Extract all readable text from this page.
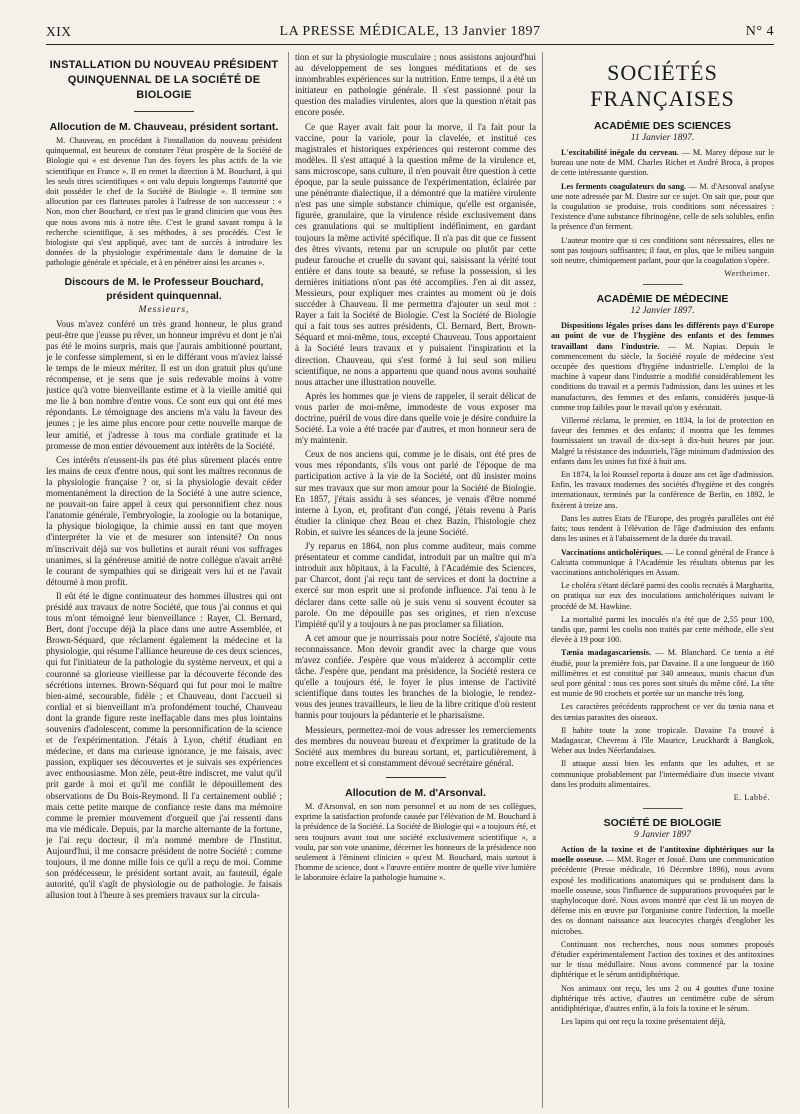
XIX	LA PRESSE MÉDICALE, 13 Janvier 1897	N° 4
INSTALLATION DU NOUVEAU PRÉSIDENT QUINQUENNAL DE LA SOCIÉTÉ DE BIOLOGIE
Allocution de M. Chauveau, président sortant.

M. Chauveau, en procédant à l'installation du nouveau président quinquennal, est heureux de constater l'état prospère de la Société de Biologie qui « est devenue l'un des foyers les plus actifs de la vie scientifique en France ». Il en remet la direction à M. Bouchard, à qui les seuls titres scientifiques « ont valu depuis longtemps l'autorité que doit posséder le chef de la Société de Biologie ». Il termine son allocution par ces flatteuses paroles à l'adresse de son successeur : « Non, mon cher Bouchard, ce n'est pas le grand clinicien que vous êtes que nous avons mis à notre tête. C'est le grand savant rompu à la recherche scientifique, à ses méthodes, à ses procédés. C'est le biologiste qui s'est appliqué, avec tant de succès à introduire les données de la physiologie expérimentale dans le domaine de la pathologie générale et spéciale, et à en pénétrer ainsi les arcanes ».

Discours de M. le Professeur Bouchard, président quinquennal.
Messieurs,

Vous m'avez conféré un très grand honneur, le plus grand peut-être que j'eusse pu rêver, un honneur imprévu et dont je n'ai pas été le moins surpris, mais que j'aurais ambitionné pourtant, je le confesse simplement, si en le différant vous m'aviez laissé le temps de le mieux mériter. Il est un don gratuit plus qu'une récompense, et je sens que je suis redevable moins à votre justice qu'à votre bienveillante estime et à la vieille amitié qui me lie à bon nombre d'entre vous. Ce sont eux qui ont été mes répondants. Le témoignage des anciens m'a valu la faveur des jeunes ; je les aime plus encore pour cette nouvelle marque de leur amitié, et j'adresse à tous ma cordiale gratitude et la promesse de mon entier dévouement aux intérêts de la Société.

Ces intérêts n'eussent-ils pas été plus sûrement placés entre les mains de ceux d'entre nous, qui sont les maîtres reconnus de la physiologie française ? or, si la physiologie devait céder momentanément la direction de la Société à une autre science, ne pouvait-on faire appel à ceux qui personnifient chez nous l'anatomie générale, l'embryologie, la zoologie ou la botanique, la physique biologique, la chimie aussi en tant que moyen d'interpréter la vie et de mesurer son intensité? On nous m'inscrivait déjà sur vos bulletins et aurait réuni vos suffrages unanimes, si la généreuse amitié de notre collègue n'avait arrêté le courant de sympathies qui se dirigeait vers lui et ne l'avait détourné à mon profit.

Il eût été le digne continuateur des hommes illustres qui ont présidé aux travaux de notre Société, que tous j'ai connus et qui tous m'ont témoigné leur bienveillance : Rayer, Cl. Bernard, Bert, dont j'occupe déjà la place dans une autre Assemblée, et Brown-Séquard, que réclament également la médecine et la physiologie, qui résume l'alliance heureuse de ces deux sciences, qui fut l'initiateur de la pathologie du système nerveux, et qui a couronné sa glorieuse vieillesse par la découverte féconde des sécrétions internes. Brown-Séquard qui fut pour moi le maître bien-aimé, secourable, fidèle ; et Chauveau, dont l'accueil si cordial et si bienveillant m'a profondément touché, Chauveau dont la grande figure reste ineffaçable dans mes plus lointains souvenirs d'adolescent, comme la personnification de la science et de l'expérimentation. J'étais à Lyon, chétif étudiant en médecine, et dans ma curieuse ignorance, je me faisais, avec passion, expliquer ses découvertes et je suivais ses expériences avec enthousiasme. Mon zèle, peut-être indiscret, me valut qu'il prit garde à moi et qu'il me confiât le dépouillement des observations de Du Bois-Reymond. Il l'a certainement oublié ; mais cette petite marque de confiance reste dans ma mémoire comme le premier mouvement d'orgueil que j'ai ressenti dans ma vie médicale. Depuis, par la marche alternante de la fortune, je l'ai reçu docteur, il m'a nommé membre de l'Institut. Aujourd'hui, il me consacre président de notre Société : comme toujours, il me donne mille fois ce qu'il a reçu de moi. Comme son prédécesseur, le président sortant avait, au fauteuil, égale autorité, qu'il s'agît de physiologie ou de pathologie. Je faisais allusion tout à l'heure à ses premiers travaux sur la circula-

tion et sur la physiologie musculaire ; nous assistons aujourd'hui au développement de ses longues méditations et de ses innombrables expériences sur la nutrition. Entre temps, il a été un initiateur en pathologie générale. Il s'est passionné pour la question des maladies virulentes, alors que la question n'était pas encore posée.

Ce que Rayer avait fait pour la morve, il l'a fait pour la vaccine, pour la variole, pour la clavelée, et institué ces magistrales et historiques expériences qui resteront comme des modèles. Il s'est attaqué à la question même de la virulence et, sans microscope, sans culture, il n'en pouvait être question à cette époque, par la seule puissance de l'expérimentation, éclairée par une pénétrante dialectique, il a démontré que la matière virulente n'est pas une simple substance chimique, qu'elle est organisée, figurée, granulaire, que la virulence réside exclusivement dans ces granulations qui se multiplient indéfiniment, en gardant toujours la même activité spécifique. Il n'a pas dit que ce fussent des êtres vivants, retenu par un scrupule ou plutôt par cette pudeur farouche et cruelle du savant qui, saisissant la vérité tout entière et dans toute sa beauté, se refuse la possession, si les dernières initiations n'ont pas été accomplies. J'en ai dit assez, Messieurs, pour expliquer mes craintes au moment où je dois succéder à Chauveau. Il me permettra d'ajouter un seul mot : Rayer a fait la Société de Biologie. C'est la Société de Biologie qui a fait tous ses autres présidents, Cl. Bernard, Bert, Brown-Séquard et moi-même, tous, excepté Chauveau. Tous apportaient à la Société leurs travaux et y puisaient l'inspiration et la direction. Chauveau, qui s'est formé à lui seul son milieu scientifique, ne nous a appartenu que quand nous avons souhaité nous attacher une illustration nouvelle.

Après les hommes que je viens de rappeler, il serait délicat de vous parler de moi-même, immodeste de vous exposer ma doctrine, puéril de vous dire dans quelle voie je désire conduire la Société. La voie a été tracée par d'autres, et mon honneur sera de m'y maintenir.

Ceux de nos anciens qui, comme je le disais, ont été pres de vous mes répondants, s'ils vous ont parlé de l'époque de ma participation active à la vie de la Société, ont dû insister moins sur mes travaux que sur mon amour pour la Société de Biologie. En 1857, j'étais assidu à ses séances, je venais d'être nommé interne à Lyon, et, profitant d'un congé, j'étais revenu à Paris étudier la clinique chez Beau et chez Bazin, l'histologie chez Robin, et suivre les séances de la jeune Société.

J'y reparus en 1864, non plus comme auditeur, mais comme présentateur et comme candidat, introduit par un maître qui m'a introduit aux hôpitaux, à la Faculté, à l'Académie des Sciences, par Charcot, dont j'ai reçu tant de services et dont la doctrine a exercé sur mon esprit une si profonde influence. J'ai tenu à le déclarer dans cette salle où je suis venu si souvent écouter sa parole. On me dépouille pas ses origines, et rien n'excuse l'impiété qu'il y a toujours à ne pas proclamer sa filiation.

A cet amour que je nourrissais pour notre Société, s'ajoute ma reconnaissance. Mon devoir grandit avec la charge que vous m'avez confiée. J'espère que vous m'aiderez à accomplir cette tâche. J'espère que, pendant ma présidence, la Société restera ce qu'elle a toujours été, le foyer le plus intense de l'activité scientifique dans toutes les branches de la biologie, le rendez-vous des jeunes travailleurs, le lieu de la libre critique d'où restent bannis pour toujours la pédanterie et le pharisaïsme.

Messieurs, permettez-moi de vous adresser les remerciements des membres du nouveau bureau et d'exprimer la gratitude de la Société aux membres du bureau sortant, et, particulièrement, à notre excellent et si constamment dévoué secrétaire général.

Allocution de M. d'Arsonval.

M. d'Arsonval, en son nom personnel et au nom de ses collègues, exprime la satisfaction profonde causée par l'élévation de M. Bouchard à la présidence de la Société. La Société de Biologie qui « a toujours été, et sera toujours avant tout une société exclusivement scientifique », a voulu, par son vote unanime, décerner les honneurs de la présidence non seulement à l'éminent clinicien « qu'est M. Bouchard, mais surtout à l'homme de science, dont « l'œuvre entière montre de quelle vive lumière le laboratoire éclaire la pathologie humaine ».

SOCIÉTÉS FRANÇAISES
ACADÉMIE DES SCIENCES
11 Janvier 1897.

L'excitabilité inégale du cerveau. — M. Marey dépose sur le bureau une note de MM. Charles Richet et André Broca, à propos de cette intéressante question.

Les ferments coagulateurs du sang. — M. d'Arsonval analyse une note adressée par M. Dastre sur ce sujet. On sait que, pour que la coagulation se produise, trois conditions sont nécessaires : l'existence d'une substance fibrinogène, celle de sels solubles, enfin la présence d'un ferment.

L'auteur montre que si ces conditions sont nécessaires, elles ne sont pas toujours suffisantes; il faut, en plus, que le milieu sanguin soit neutre, chimiquement parlant, pour que la coagulation s'opère.

Wertheimer.
ACADÉMIE DE MÉDECINE
12 Janvier 1897.

Dispositions légales prises dans les différents pays d'Europe au point de vue de l'hygiène des enfants et des femmes travaillant dans l'industrie. — M. Napias. Depuis le commencement du siècle, la Société royale de médecine s'est occupée des questions d'hygiène industrielle. L'emploi de la machine à vapeur dans l'industrie a modifié considérablement les conditions du travail et a permis l'admission, dans les usines et les manufactures, des femmes et des enfants, considérés jusque-là comme trop faibles pour le travail qu'on y exécutait.

Villermé réclama, le premier, en 1834, la loi de protection en faveur des femmes et des enfants; il montra que les femmes fournissaient un travail de dix-sept à dix-huit heures par jour. Malgré la résistance des industriels, l'âge minimum d'admission des enfants dans les usines fut fixé à huit ans.

En 1874, la loi Roussel reporta à douze ans cet âge d'admission. Enfin, les travaux modernes des sociétés d'hygiène et des congrès internationaux, terminés par la conférence de Berlin, en 1892, le fixèrent à treize ans.

Dans les autres Etats de l'Europe, des progrès parallèles ont été faits; tous tendent à l'élévation de l'âge d'admission des enfants dans les usines et à l'abaissement de la durée du travail.

Vaccinations anticholériques. — Le consul général de France à Calcutta communique à l'Académie les résultats obtenus par les vaccinations anticholériques en Assam.

Le choléra s'étant déclaré parmi des coolis recrutés à Margharita, on pratiqua sur eux des inoculations anticholériques suivant le procédé de M. Hawkine.

La mortalité parmi les inoculés n'a été que de 2,55 pour 100, tandis que, parmi les coolis non traités par cette méthode, elle s'est élevée à 19 pour 100.

Tænia madagascariensis. — M. Blanchard. Ce tænia a été étudié, pour la première fois, par Davaine. Il a une longueur de 160 millimètres et est constitué par 340 anneaux, munis chacun d'un seul pore génital : tous ces pores sont situés du même côté. La tête est munie de 90 crochets et portée sur un manche très long.

Les caractères précédents rapprochent ce ver du tænia nana et des tænias parasites des oiseaux.

Il habite toute la zone tropicale. Davaine l'a trouvé à Madagascar, Chevreau à l'île Maurice, Leuckhardt à Bangkok, Weber aux Indes Néerlandaises.

Il attaque aussi bien les enfants que les adultes, et se communique probablement par l'intermédiaire d'un insecte vivant dans les produits alimentaires.

E. Labbé.
SOCIÉTÉ DE BIOLOGIE
9 Janvier 1897

Action de la toxine et de l'antitoxine diphtériques sur la moelle osseuse. — MM. Roger et Josué. Dans une communication précédente (Presse médicale, 16 Décembre 1896), nous avons exposé les modifications anatomiques qui se produisent dans la moelle osseuse, sous l'influence de suppurations provoquées par le staphylocoque doré. Nous avons montré que c'est là un moyen de défense mis en œuvre par l'organisme contre l'infection, la moelle des os donnant naissance aux leucocytes chargés d'englober les microbes.

Continuant nos recherches, nous nous sommes proposés d'étudier expérimentalement l'action des toxines et des antitoxines sur le tissu médullaire. Nous avons commencé par la toxine diphtérique et le sérum antidiphtérique.

Nos animaux ont reçu, les uns 2 ou 4 gouttes d'une toxine diphtérique très active, d'autres un centimètre cube de sérum antidiphtérique, d'autres enfin, à la fois la toxine et le sérum.

Les lapins qui ont reçu la toxine présentaient déjà,
